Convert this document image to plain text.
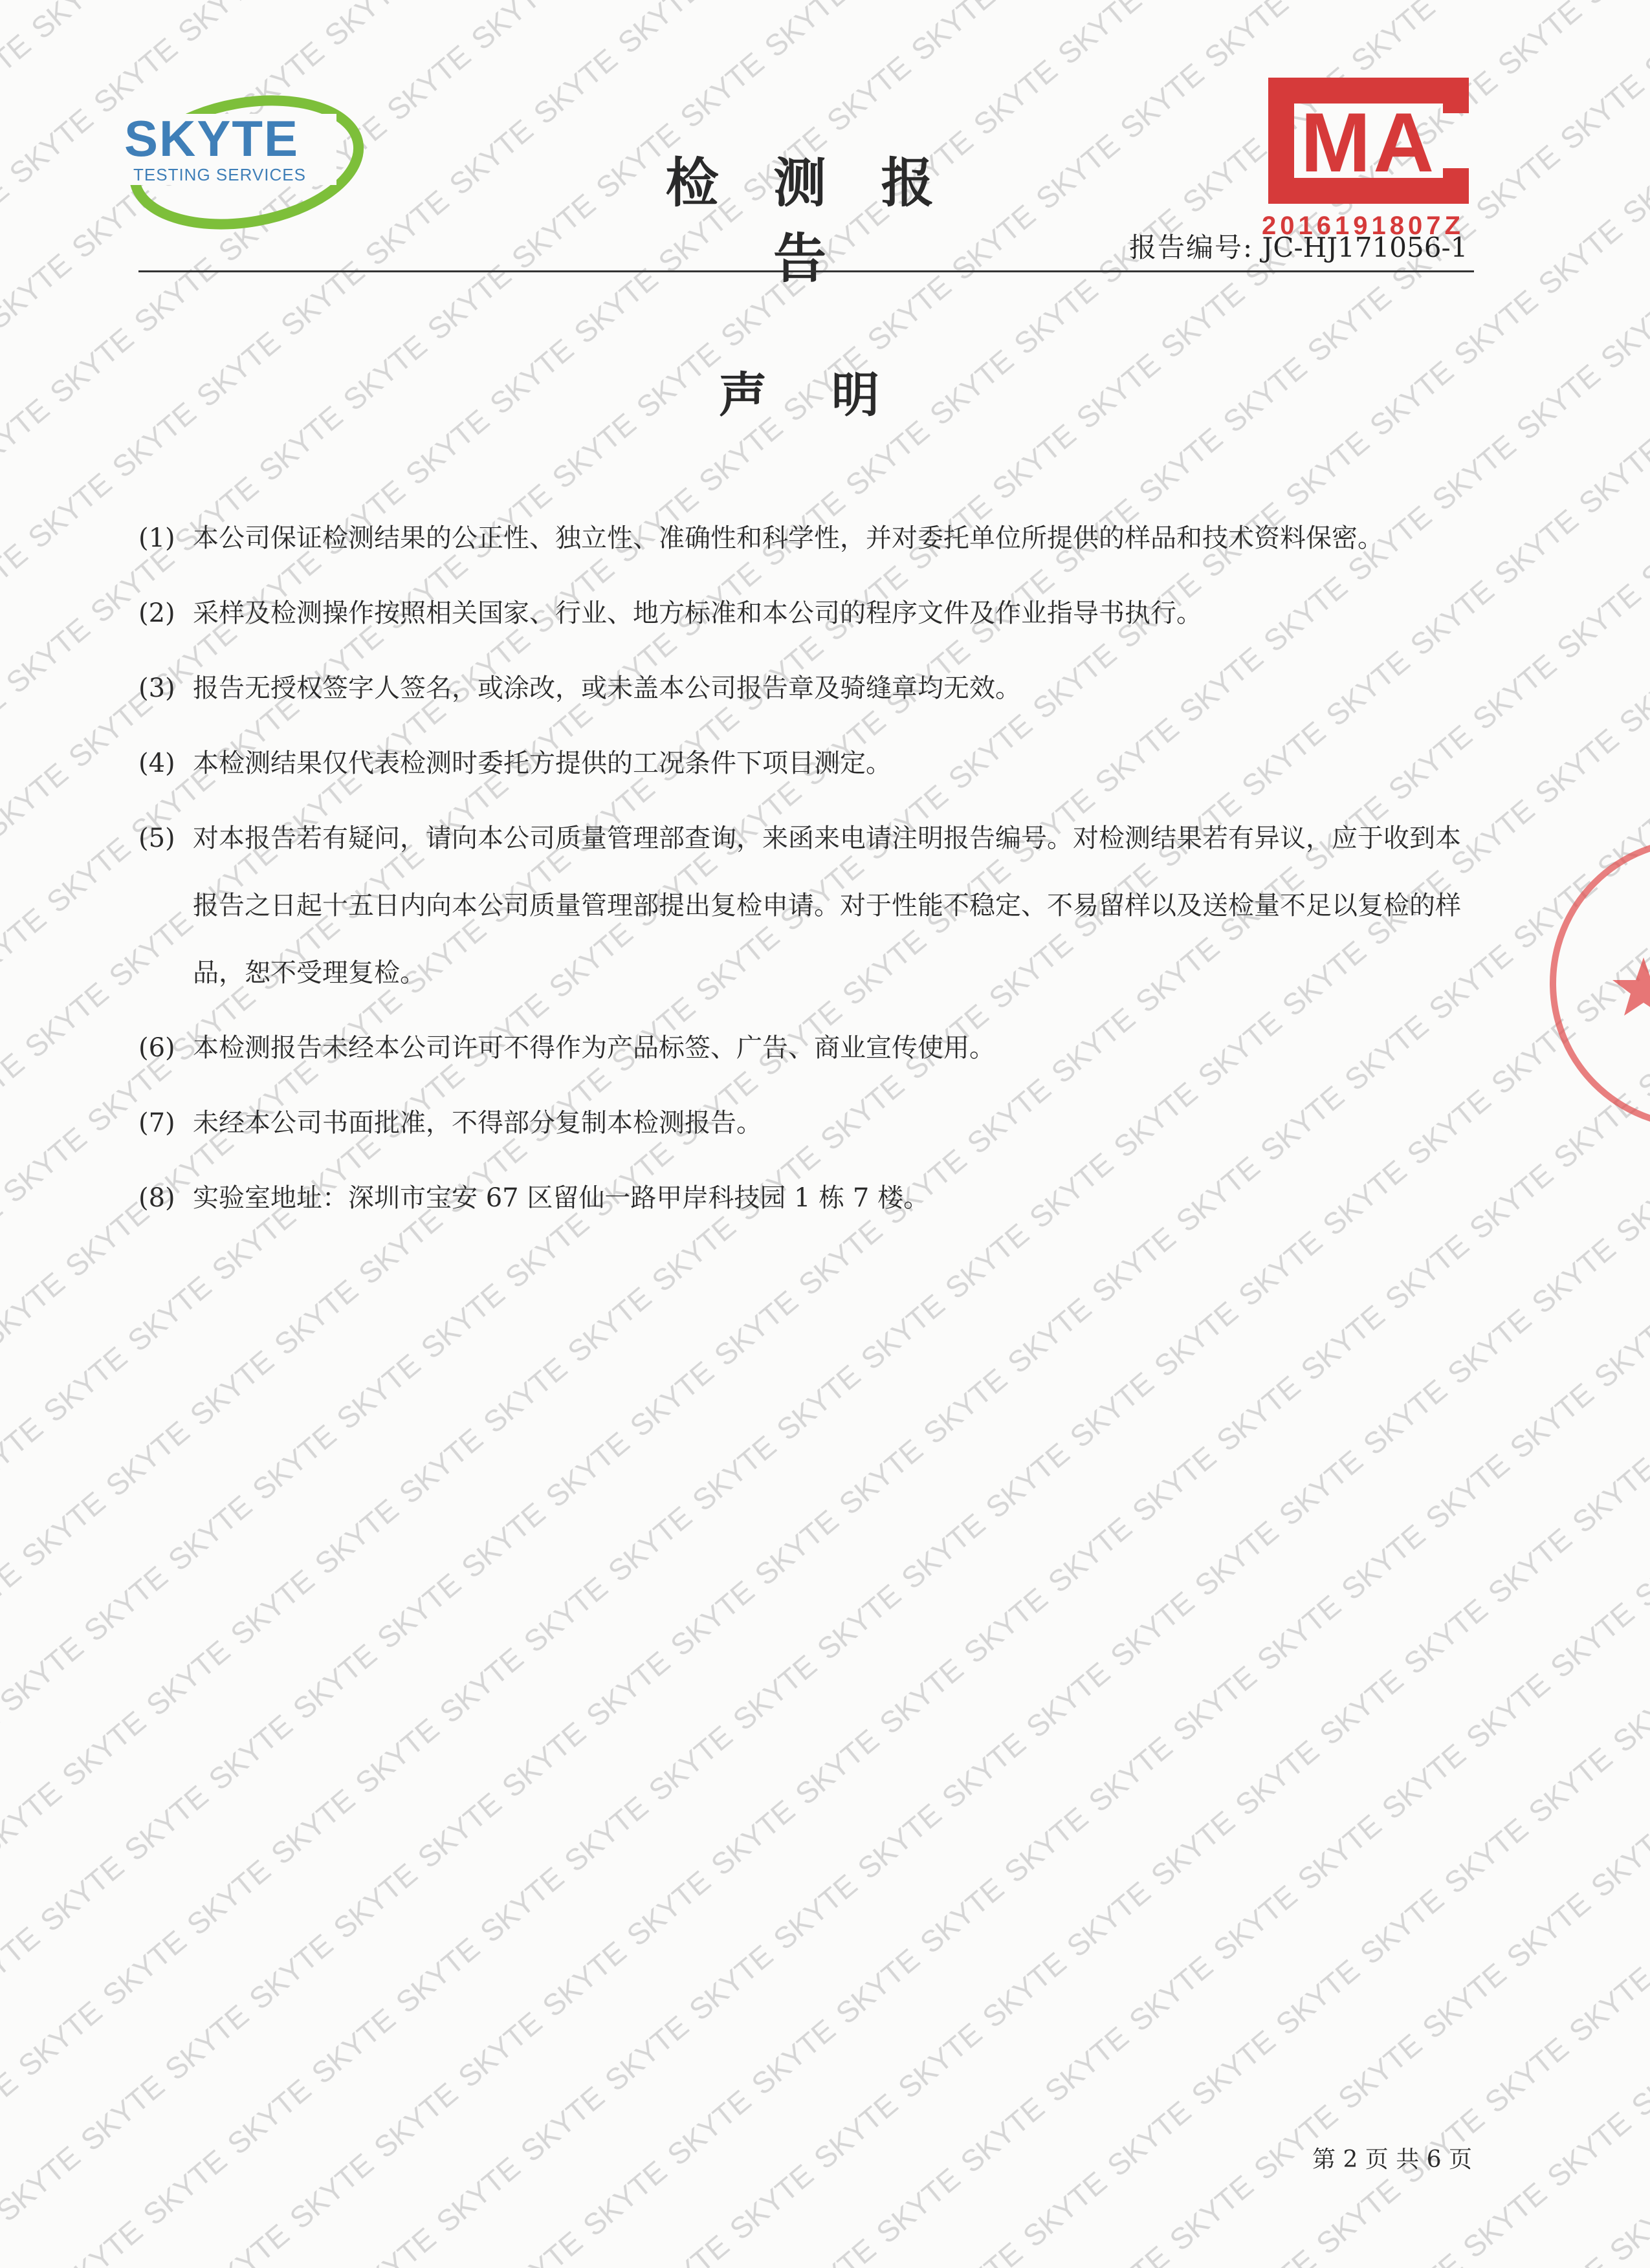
SKYTE
TESTING SERVICES	检 测 报 告
MA
2016191807Z
报告编号: JC-HJ171056-1
声明
(1) 本公司保证检测结果的公正性、独立性、准确性和科学性，并对委托单位所提供的样品和技术资料保密。
(2) 采样及检测操作按照相关国家、行业、地方标准和本公司的程序文件及作业指导书执行。
(3) 报告无授权签字人签名，或涂改，或未盖本公司报告章及骑缝章均无效。
(4) 本检测结果仅代表检测时委托方提供的工况条件下项目测定。
(5) 对本报告若有疑问，请向本公司质量管理部查询，来函来电请注明报告编号。对检测结果若有异议，应于收到本报告之日起十五日内向本公司质量管理部提出复检申请。对于性能不稳定、不易留样以及送检量不足以复检的样品，恕不受理复检。
(6) 本检测报告未经本公司许可不得作为产品标签、广告、商业宣传使用。
(7) 未经本公司书面批准，不得部分复制本检测报告。
(8) 实验室地址：深圳市宝安 67 区留仙一路甲岸科技园 1 栋 7 楼。
第 2 页 共 6 页
